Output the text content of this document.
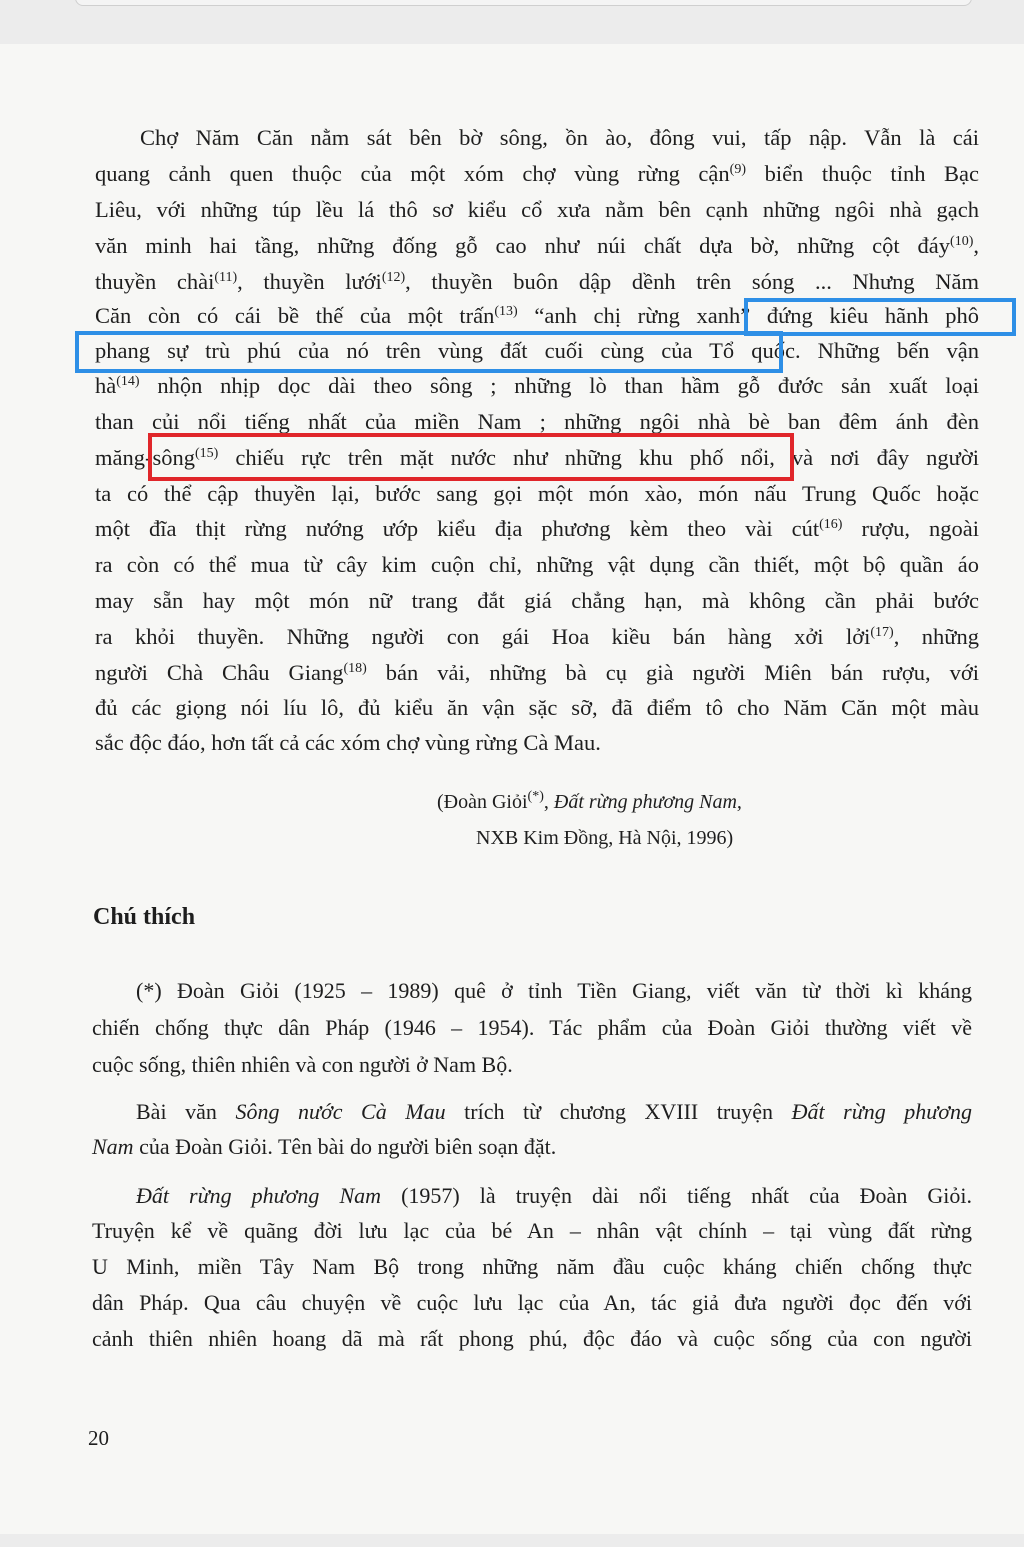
Chợ Năm Căn nằm sát bên bờ sông, ồn ào, đông vui, tấp nập. Vẫn là cái
quang cảnh quen thuộc của một xóm chợ vùng rừng cận$^{(9)}$ biển thuộc tỉnh Bạc
Liêu, với những túp lều lá thô sơ kiểu cổ xưa nằm bên cạnh những ngôi nhà gạch
văn minh hai tầng, những đống gỗ cao như núi chất dựa bờ, những cột đáy$^{(10)}$,
thuyền chài$^{(11)}$, thuyền lưới$^{(12)}$, thuyền buôn dập dềnh trên sóng ... Nhưng Năm
Căn còn có cái bề thế của một trấn$^{(13)}$ “anh chị rừng xanh” đứng kiêu hãnh phô
phang sự trù phú của nó trên vùng đất cuối cùng của Tổ quốc. Những bến vận
$hà^{(14)}$ nhộn nhịp dọc dài theo sông ; những lò than hầm gỗ đước sản xuất loại
than củi nổi tiếng nhất của miền Nam ; những ngôi nhà bè ban đêm ánh đèn
măng-sông$^{(15)}$ chiếu rực trên mặt nước như những khu phố nổi, và nơi đây người
ta có thể cập thuyền lại, bước sang gọi một món xào, món nấu Trung Quốc hoặc
một đĩa thịt rừng nướng ướp kiểu địa phương kèm theo vài cút$^{(16)}$ rượu, ngoài
ra còn có thể mua từ cây kim cuộn chỉ, những vật dụng cần thiết, một bộ quần áo
may sẵn hay một món nữ trang đắt giá chẳng hạn, mà không cần phải bước
ra khỏi thuyền. Những người con gái Hoa kiều bán hàng xởi lởi$^{(17)}$, những
người Chà Châu Giang$^{(18)}$ bán vải, những bà cụ già người Miên bán rượu, với
đủ các giọng nói líu lô, đủ kiểu ăn vận sặc sỡ, đã điểm tô cho Năm Căn một màu
sắc độc đáo, hơn tất cả các xóm chợ vùng rừng Cà Mau.
(Đoàn Giỏi(*), Đất rừng phương Nam,
NXB Kim Đồng, Hà Nội, 1996)
Chú thích
(*) Đoàn Giỏi (1925 – 1989) quê ở tỉnh Tiền Giang, viết văn từ thời kì kháng
chiến chống thực dân Pháp (1946 – 1954). Tác phẩm của Đoàn Giỏi thường viết về
cuộc sống, thiên nhiên và con người ở Nam Bộ.
Bài văn Sông nước Cà Mau trích từ chương XVIII truyện Đất rừng phương
Nam của Đoàn Giỏi. Tên bài do người biên soạn đặt.
Đất rừng phương Nam (1957) là truyện dài nổi tiếng nhất của Đoàn Giỏi.
Truyện kể về quãng đời lưu lạc của bé An – nhân vật chính – tại vùng đất rừng
U Minh, miền Tây Nam Bộ trong những năm đầu cuộc kháng chiến chống thực
dân Pháp. Qua câu chuyện về cuộc lưu lạc của An, tác giả đưa người đọc đến với
cảnh thiên nhiên hoang dã mà rất phong phú, độc đáo và cuộc sống của con người
20
